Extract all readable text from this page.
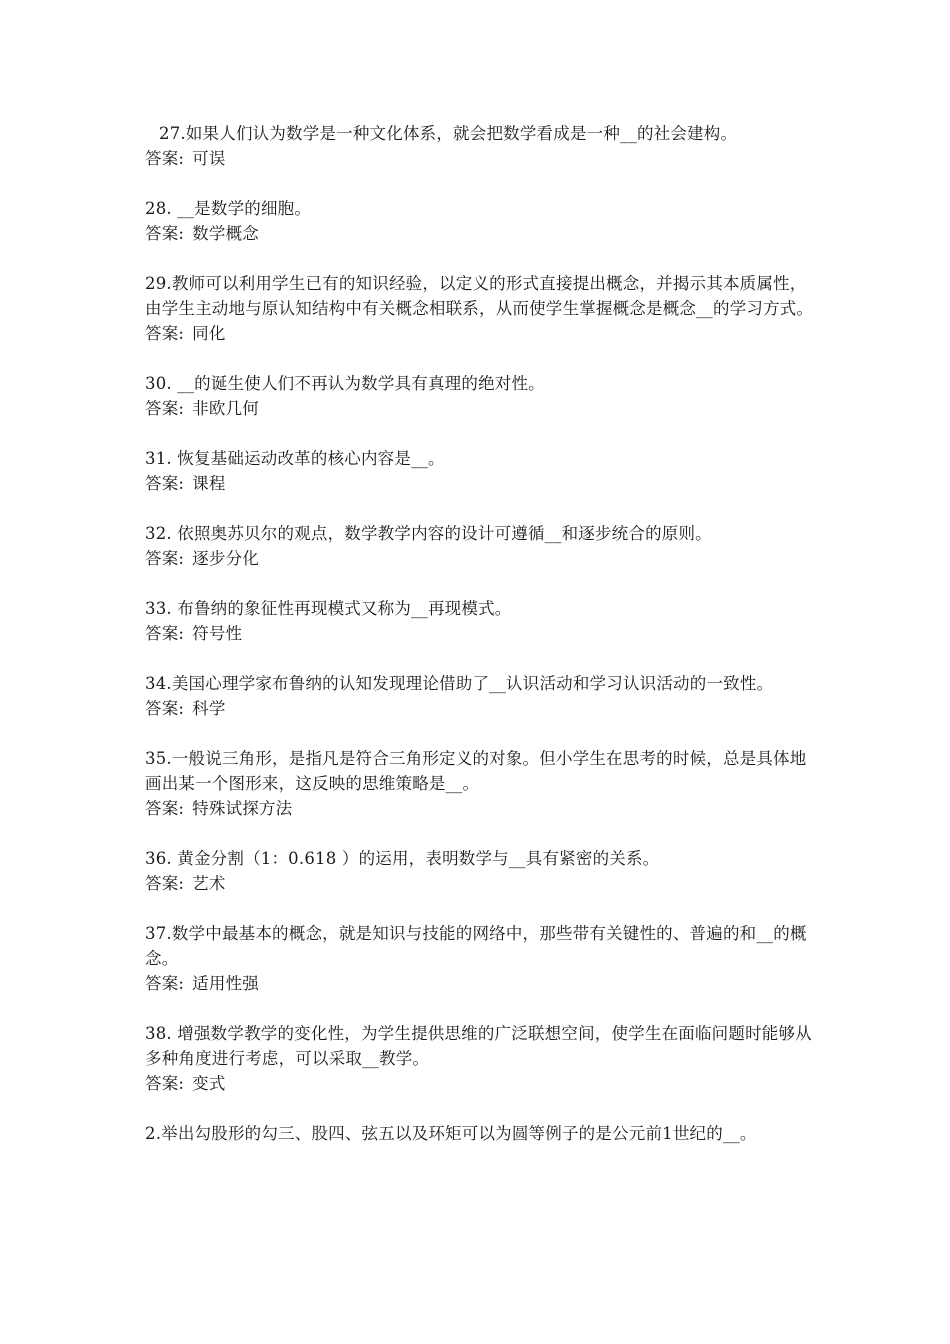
27.如果人们认为数学是一种文化体系，就会把数学看成是一种__的社会建构。

答案: 可误

28. __是数学的细胞。

答案: 数学概念

29.教师可以利用学生已有的知识经验，以定义的形式直接提出概念，并揭示其本质属性，由学生主动地与原认知结构中有关概念相联系，从而使学生掌握概念是概念__的学习方式。

答案: 同化

30. __的诞生使人们不再认为数学具有真理的绝对性。

答案: 非欧几何

31. 恢复基础运动改革的核心内容是__。

答案: 课程

32. 依照奥苏贝尔的观点，数学教学内容的设计可遵循__和逐步统合的原则。

答案: 逐步分化

33. 布鲁纳的象征性再现模式又称为__再现模式。

答案: 符号性

34.美国心理学家布鲁纳的认知发现理论借助了__认识活动和学习认识活动的一致性。

答案: 科学

35.一般说三角形，是指凡是符合三角形定义的对象。但小学生在思考的时候，总是具体地画出某一个图形来，这反映的思维策略是__。

答案: 特殊试探方法

36. 黄金分割（1：0.618 ）的运用，表明数学与__具有紧密的关系。

答案: 艺术

37.数学中最基本的概念，就是知识与技能的网络中，那些带有关键性的、普遍的和__的概念。

答案: 适用性强

38. 增强数学教学的变化性，为学生提供思维的广泛联想空间，使学生在面临问题时能够从多种角度进行考虑，可以采取__教学。

答案: 变式

2.举出勾股形的勾三、股四、弦五以及环矩可以为圆等例子的是公元前1世纪的__。
